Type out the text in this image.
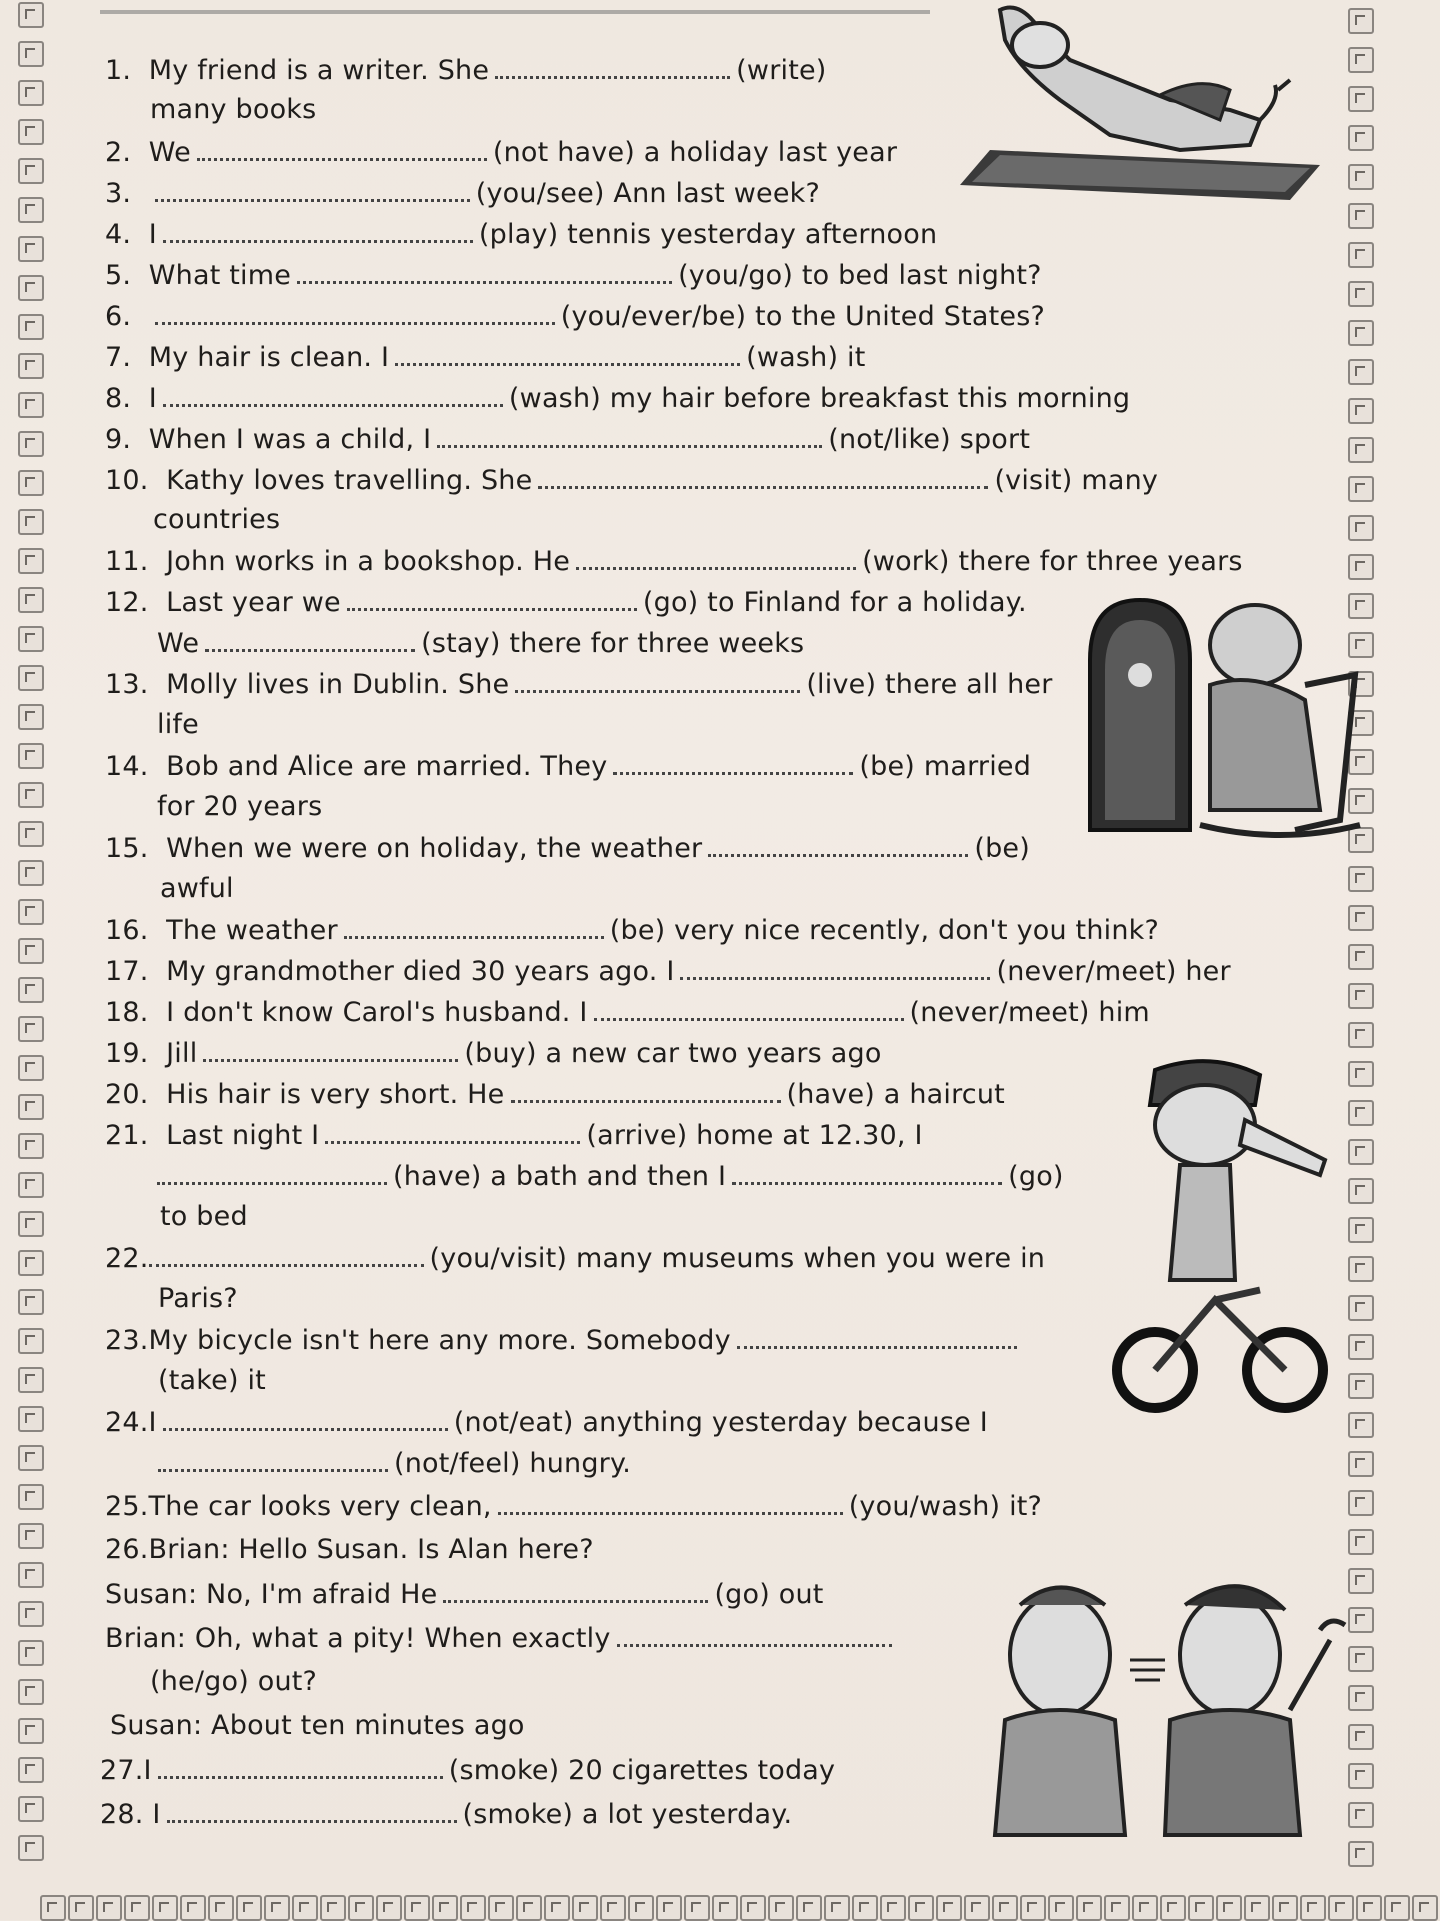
1. My friend is a writer. She	(write)
many books
2. We	(not have) a holiday last year
3.	(you/see) Ann last week?
4. I	(play) tennis yesterday afternoon
5. What time	(you/go) to bed last night?
6.	(you/ever/be) to the United States?
7. My hair is clean. I	(wash) it
8. I	(wash) my hair before breakfast this morning
9. When I was a child, I	(not/like) sport
10. Kathy loves travelling. She	(visit) many
countries
11. John works in a bookshop. He	(work) there for three years
12. Last year we	(go) to Finland for a holiday.
We	(stay) there for three weeks
13. Molly lives in Dublin. She	(live) there all her
life
14. Bob and Alice are married. They	(be) married
for 20 years
15. When we were on holiday, the weather	(be)
awful
16. The weather	(be) very nice recently, don't you think?
17. My grandmother died 30 years ago. I	(never/meet) her
18. I don't know Carol's husband. I	(never/meet) him
19. Jill	(buy) a new car two years ago
20. His hair is very short. He	(have) a haircut
21. Last night I	(arrive) home at 12.30, I
(have) a bath and then I	(go)
to bed
22.	(you/visit) many museums when you were in
Paris?
23.My bicycle isn't here any more. Somebody
(take) it
24.I	(not/eat) anything yesterday because I
(not/feel) hungry.
25.The car looks very clean,	(you/wash) it?
26.Brian: Hello Susan. Is Alan here?
Susan: No, I'm afraid He	(go) out
Brian: Oh, what a pity! When exactly
(he/go) out?
Susan: About ten minutes ago
27.I	(smoke) 20 cigarettes today
28. I	(smoke) a lot yesterday.
